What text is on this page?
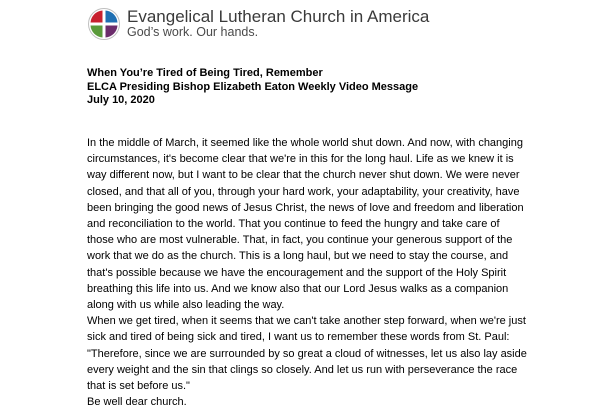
Evangelical Lutheran Church in America
God’s work. Our hands.
When You’re Tired of Being Tired, Remember
ELCA Presiding Bishop Elizabeth Eaton Weekly Video Message
July 10, 2020

In the middle of March, it seemed like the whole world shut down. And now, with changing circumstances, it's become clear that we're in this for the long haul. Life as we knew it is way different now, but I want to be clear that the church never shut down. We were never closed, and that all of you, through your hard work, your adaptability, your creativity, have been bringing the good news of Jesus Christ, the news of love and freedom and liberation and reconciliation to the world. That you continue to feed the hungry and take care of those who are most vulnerable. That, in fact, you continue your generous support of the work that we do as the church. This is a long haul, but we need to stay the course, and that's possible because we have the encouragement and the support of the Holy Spirit breathing this life into us. And we know also that our Lord Jesus walks as a companion along with us while also leading the way.

When we get tired, when it seems that we can't take another step forward, when we're just sick and tired of being sick and tired, I want us to remember these words from St. Paul:

"Therefore, since we are surrounded by so great a cloud of witnesses, let us also lay aside every weight and the sin that clings so closely. And let us run with perseverance the race that is set before us."

Be well dear church.
